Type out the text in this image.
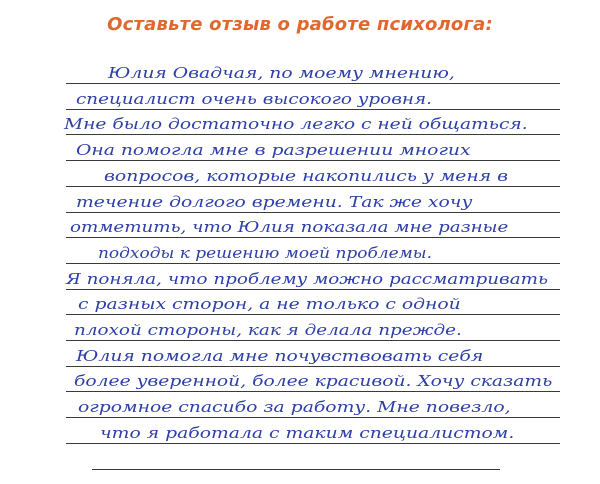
Оставьте отзыв о работе психолога:
Юлия Овадчая, по моему мнению,
специалист очень высокого уровня.
Мне было достаточно легко с ней общаться.
Она помогла мне в разрешении многих
вопросов, которые накопились у меня в
течение долгого времени. Так же хочу
отметить, что Юлия показала мне разные
подходы к решению моей проблемы.
Я поняла, что проблему можно рассматривать
с разных сторон, а не только с одной
плохой стороны, как я делала прежде.
Юлия помогла мне почувствовать себя
более уверенной, более красивой. Хочу сказать
огромное спасибо за работу. Мне повезло,
что я работала с таким специалистом.
